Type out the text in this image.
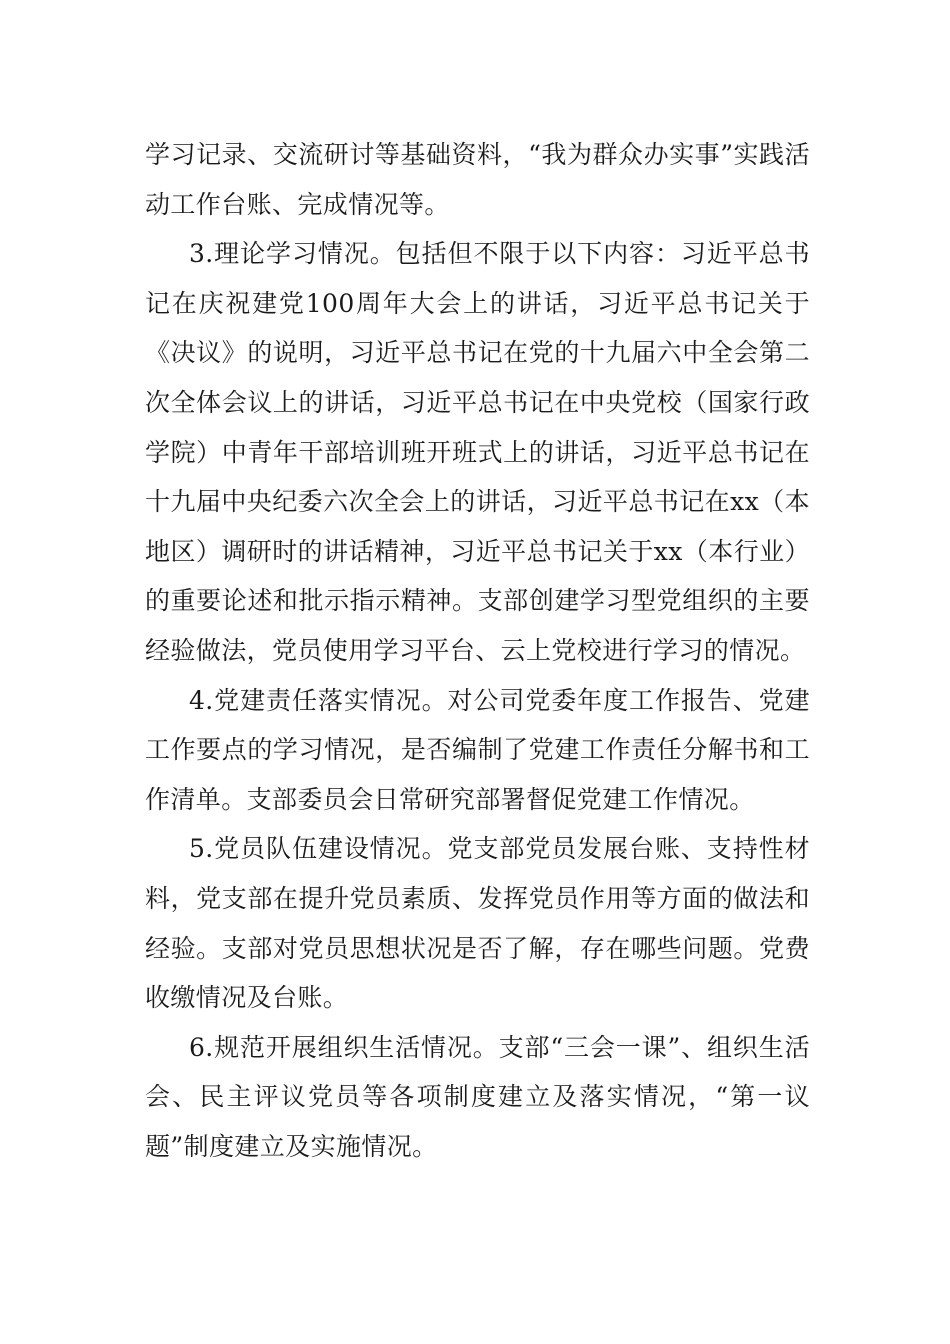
学习记录、交流研讨等基础资料，“我为群众办实事”实践活动工作台账、完成情况等。

3.理论学习情况。包括但不限于以下内容：习近平总书记在庆祝建党100周年大会上的讲话，习近平总书记关于《决议》的说明，习近平总书记在党的十九届六中全会第二次全体会议上的讲话，习近平总书记在中央党校（国家行政学院）中青年干部培训班开班式上的讲话，习近平总书记在十九届中央纪委六次全会上的讲话，习近平总书记在xx（本地区）调研时的讲话精神，习近平总书记关于xx（本行业）的重要论述和批示指示精神。支部创建学习型党组织的主要经验做法，党员使用学习平台、云上党校进行学习的情况。

4.党建责任落实情况。对公司党委年度工作报告、党建工作要点的学习情况，是否编制了党建工作责任分解书和工作清单。支部委员会日常研究部署督促党建工作情况。

5.党员队伍建设情况。党支部党员发展台账、支持性材料，党支部在提升党员素质、发挥党员作用等方面的做法和经验。支部对党员思想状况是否了解，存在哪些问题。党费收缴情况及台账。

6.规范开展组织生活情况。支部“三会一课”、组织生活会、民主评议党员等各项制度建立及落实情况，“第一议题”制度建立及实施情况。
